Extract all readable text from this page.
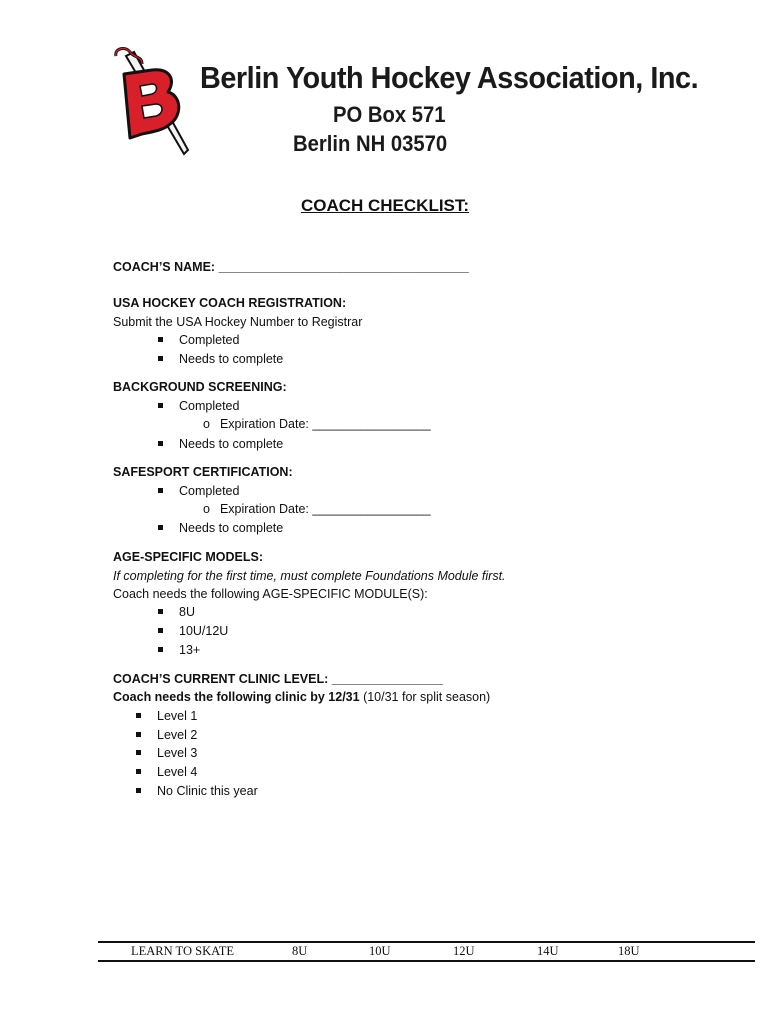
Berlin Youth Hockey Association, Inc.
PO Box 571
Berlin NH 03570
COACH CHECKLIST:
COACH’S NAME: ____________________________________
USA HOCKEY COACH REGISTRATION:
Submit the USA Hockey Number to Registrar
Completed
Needs to complete
BACKGROUND SCREENING:
Completed
o Expiration Date: _________________
Needs to complete
SAFESPORT CERTIFICATION:
Completed
o Expiration Date: _________________
Needs to complete
AGE-SPECIFIC MODELS:
If completing for the first time, must complete Foundations Module first.
Coach needs the following AGE-SPECIFIC MODULE(S):
8U
10U/12U
13+
COACH’S CURRENT CLINIC LEVEL: ________________
Coach needs the following clinic by 12/31 (10/31 for split season)
Level 1
Level 2
Level 3
Level 4
No Clinic this year
LEARN TO SKATE	8U	10U	12U	14U	18U
